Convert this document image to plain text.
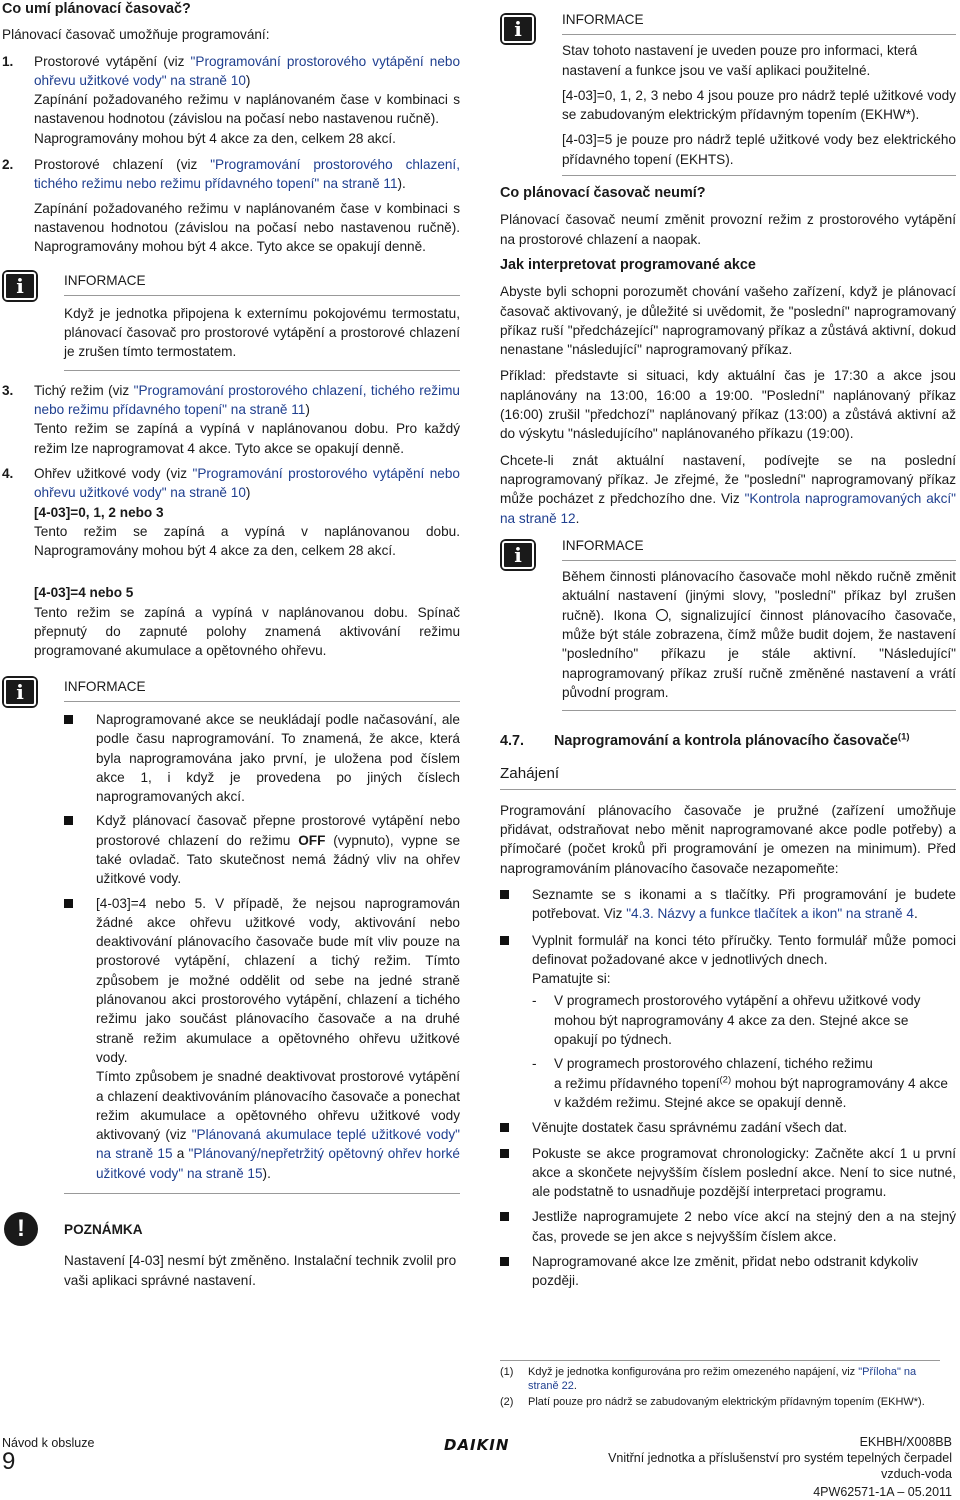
Co umí plánovací časovač?

Plánovací časovač umožňuje programování:

1. Prostorové vytápění (viz "Programování prostorového vytápění nebo ohřevu užitkové vody" na straně 10)

Zapínání požadovaného režimu v naplánovaném čase v kombinaci s nastavenou hodnotou (závislou na počasí nebo nastavenou ručně).

Naprogramovány mohou být 4 akce za den, celkem 28 akcí.

2. Prostorové chlazení (viz "Programování prostorového chlazení, tichého režimu nebo režimu přídavného topení" na straně 11).

Zapínání požadovaného režimu v naplánovaném čase v kombinaci s nastavenou hodnotou (závislou na počasí nebo nastavenou ručně). Naprogramovány mohou být 4 akce. Tyto akce se opakují denně.

i	INFORMACE

Když je jednotka připojena k externímu pokojovému termostatu, plánovací časovač pro prostorové vytápění a prostorové chlazení je zrušen tímto termostatem.

3. Tichý režim (viz "Programování prostorového chlazení, tichého režimu nebo režimu přídavného topení" na straně 11)

Tento režim se zapíná a vypíná v naplánovanou dobu. Pro každý režim lze naprogramovat 4 akce. Tyto akce se opakují denně.

4. Ohřev užitkové vody (viz "Programování prostorového vytápění nebo ohřevu užitkové vody" na straně 10)

[4-03]=0, 1, 2 nebo 3

Tento režim se zapíná a vypíná v naplánovanou dobu. Naprogramovány mohou být 4 akce za den, celkem 28 akcí.

[4-03]=4 nebo 5

Tento režim se zapíná a vypíná v naplánovanou dobu. Spínač přepnutý do zapnuté polohy znamená aktivování režimu programované akumulace a opětovného ohřevu.

i	INFORMACE

Naprogramované akce se neukládají podle načasování, ale podle času naprogramování. To znamená, že akce, která byla naprogramována jako první, je uložena pod číslem akce 1, i když je provedena po jiných číslech naprogramovaných akcí.

Když plánovací časovač přepne prostorové vytápění nebo prostorové chlazení do režimu OFF (vypnuto), vypne se také ovladač. Tato skutečnost nemá žádný vliv na ohřev užitkové vody.

[4-03]=4 nebo 5. V případě, že nejsou naprogramován žádné akce ohřevu užitkové vody, aktivování nebo deaktivování plánovacího časovače bude mít vliv pouze na prostorové vytápění, chlazení a tichý režim. Tímto způsobem je možné oddělit od sebe na jedné straně plánovanou akci prostorového vytápění, chlazení a tichého režimu jako součást plánovacího časovače a na druhé straně režim akumulace a opětovného ohřevu užitkové vody.

Tímto způsobem je snadné deaktivovat prostorové vytápění a chlazení deaktivováním plánovacího časovače a ponechat režim akumulace a opětovného ohřevu užitkové vody aktivovaný (viz "Plánovaná akumulace teplé užitkové vody" na straně 15 a "Plánovaný/nepřetržitý opětovný ohřev horké užitkové vody" na straně 15).

!	POZNÁMKA

Nastavení [4-03] nesmí být změněno. Instalační technik zvolil pro vaši aplikaci správné nastavení.

i	INFORMACE

Stav tohoto nastavení je uveden pouze pro informaci, která nastavení a funkce jsou ve vaší aplikaci použitelné.

[4-03]=0, 1, 2, 3 nebo 4 jsou pouze pro nádrž teplé užitkové vody se zabudovaným elektrickým přídavným topením (EKHW*).

[4-03]=5 je pouze pro nádrž teplé užitkové vody bez elektrického přídavného topení (EKHTS).

Co plánovací časovač neumí?

Plánovací časovač neumí změnit provozní režim z prostorového vytápění na prostorové chlazení a naopak.

Jak interpretovat programované akce

Abyste byli schopni porozumět chování vašeho zařízení, když je plánovací časovač aktivovaný, je důležité si uvědomit, že "poslední" naprogramovaný příkaz ruší "předcházející" naprogramovaný příkaz a zůstává aktivní, dokud nenastane "následující" naprogramovaný příkaz.

Příklad: představte si situaci, kdy aktuální čas je 17:30 a akce jsou naplánovány na 13:00, 16:00 a 19:00. "Poslední" naplánovaný příkaz (16:00) zrušil "předchozí" naplánovaný příkaz (13:00) a zůstává aktivní až do výskytu "následujícího" naplánovaného příkazu (19:00).

Chcete-li znát aktuální nastavení, podívejte se na poslední naprogramovaný příkaz. Je zřejmé, že "poslední" naprogramovaný příkaz může pocházet z předchozího dne. Viz "Kontrola naprogramovaných akcí" na straně 12.

i	INFORMACE

Během činnosti plánovacího časovače mohl někdo ručně změnit aktuální nastavení (jinými slovy, "poslední" příkaz byl zrušen ručně). Ikona , signalizující činnost plánovacího časovače, může být stále zobrazena, čímž může budit dojem, že nastavení "posledního" příkazu je stále aktivní. "Následující" naprogramovaný příkaz zruší ručně změněné nastavení a vrátí původní program.

4.7. Naprogramování a kontrola plánovacího časovače$^{(1)}$

Zahájení

Programování plánovacího časovače je pružné (zařízení umožňuje přidávat, odstraňovat nebo měnit naprogramované akce podle potřeby) a přímočaré (počet kroků při programování je omezen na minimum). Před naprogramováním plánovacího časovače nezapomeňte:

Seznamte se s ikonami a s tlačítky. Při programování je budete potřebovat. Viz "4.3. Názvy a funkce tlačítek a ikon" na straně 4.

Vyplnit formulář na konci této příručky. Tento formulář může pomoci definovat požadované akce v jednotlivých dnech.

Pamatujte si:

- V programech prostorového vytápění a ohřevu užitkové vody mohou být naprogramovány 4 akce za den. Stejné akce se opakují po týdnech.

- V programech prostorového chlazení, tichého režimu

a režimu přídavného topení$^{(2)}$ mohou být naprogramovány 4 akce v každém režimu. Stejné akce se opakují denně.

Věnujte dostatek času správnému zadání všech dat.

Pokuste se akce programovat chronologicky: Začněte akcí 1 u první akce a skončete nejvyšším číslem poslední akce. Není to sice nutné, ale podstatně to usnadňuje pozdější interpretaci programu.

Jestliže naprogramujete 2 nebo více akcí na stejný den a na stejný čas, provede se jen akce s nejvyšším číslem akce.

Naprogramované akce lze změnit, přidat nebo odstranit kdykoliv později.

(1) Když je jednotka konfigurována pro režim omezeného napájení, viz "Příloha" na straně 22.
(2) Platí pouze pro nádrž se zabudovaným elektrickým přídavným topením (EKHW*).
Návod k obsluze
9
DAIKIN	EKHBH/X008BB
Vnitřní jednotka a příslušenství pro systém tepelných čerpadel vzduch-voda
4PW62571-1A – 05.2011
